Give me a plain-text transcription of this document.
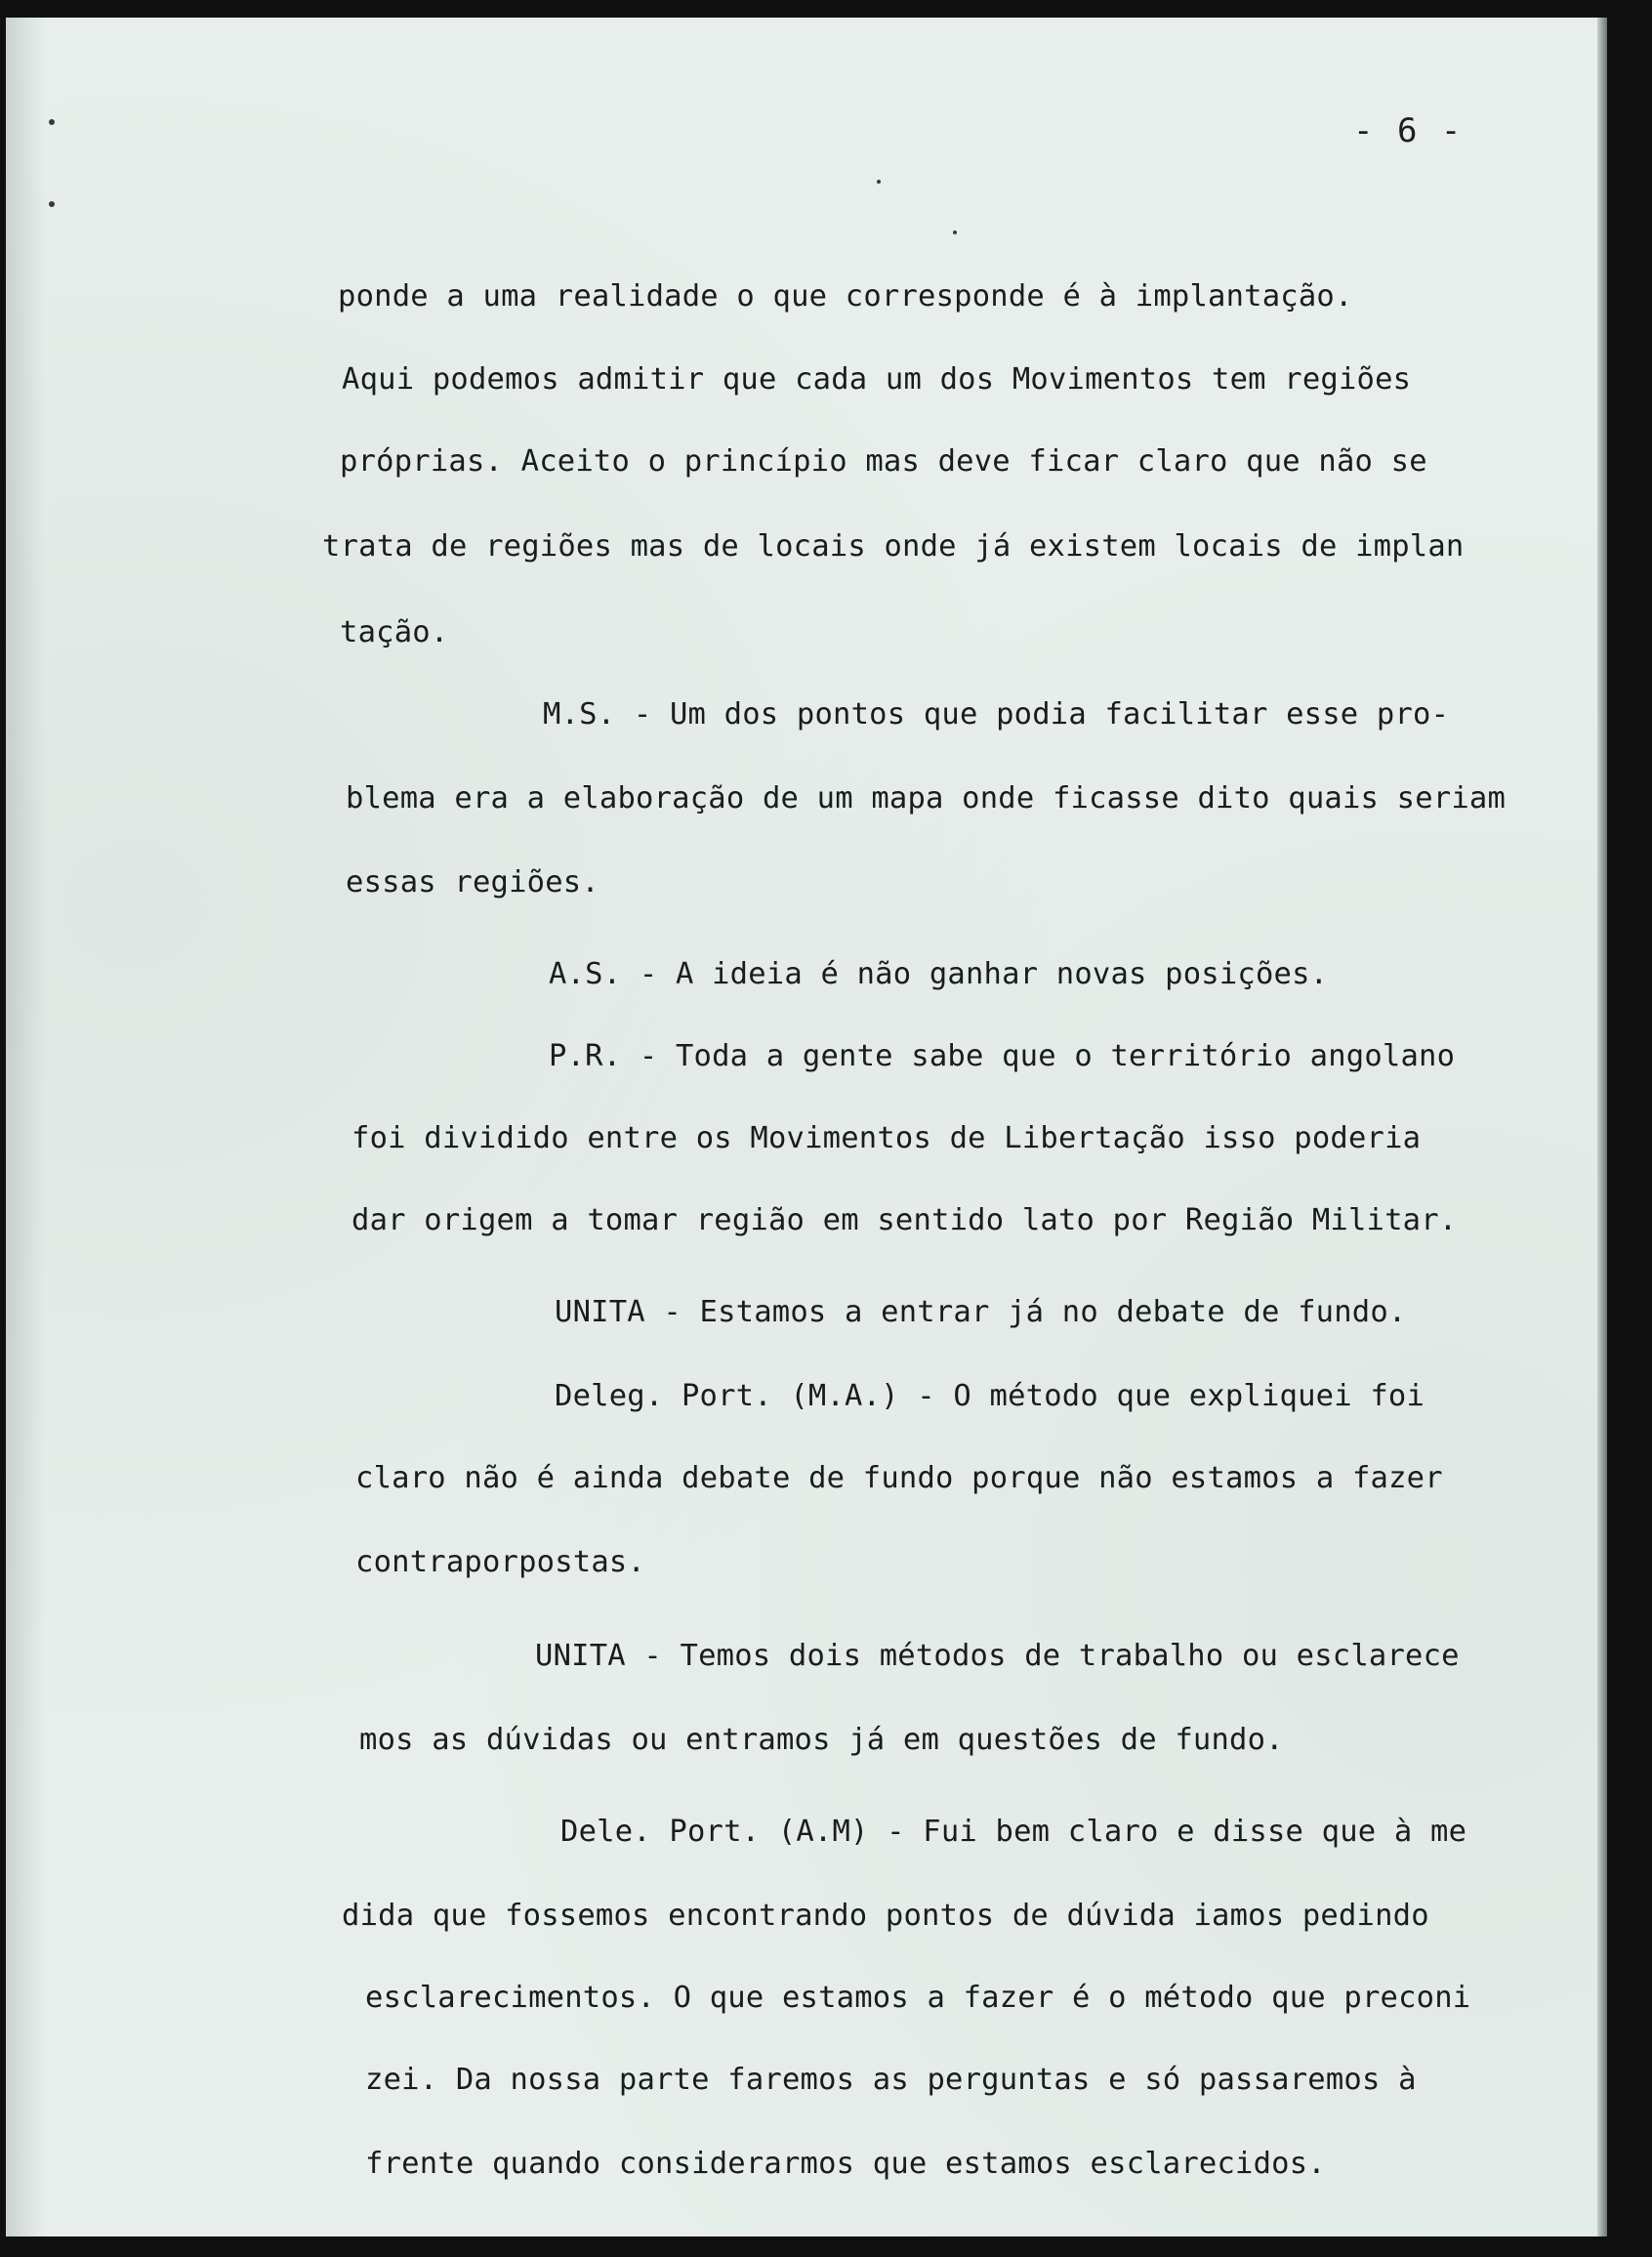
- 6 -
ponde a uma realidade o que corresponde é à implantação.
Aqui podemos admitir que cada um dos Movimentos tem regiões
próprias. Aceito o princípio mas deve ficar claro que não se
trata de regiões mas de locais onde já existem locais de implan
tação.
M.S. - Um dos pontos que podia facilitar esse pro-
blema era a elaboração de um mapa onde ficasse dito quais seriam
essas regiões.
A.S. - A ideia é não ganhar novas posições.
P.R. - Toda a gente sabe que o território angolano
foi dividido entre os Movimentos de Libertação isso poderia
dar origem a tomar região em sentido lato por Região Militar.
UNITA - Estamos a entrar já no debate de fundo.
Deleg. Port. (M.A.) - O método que expliquei foi
claro não é ainda debate de fundo porque não estamos a fazer
contraporpostas.
UNITA - Temos dois métodos de trabalho ou esclarece
mos as dúvidas ou entramos já em questões de fundo.
Dele. Port. (A.M) - Fui bem claro e disse que à me
dida que fossemos encontrando pontos de dúvida iamos pedindo
esclarecimentos. O que estamos a fazer é o método que preconi
zei. Da nossa parte faremos as perguntas e só passaremos à
frente quando considerarmos que estamos esclarecidos.
